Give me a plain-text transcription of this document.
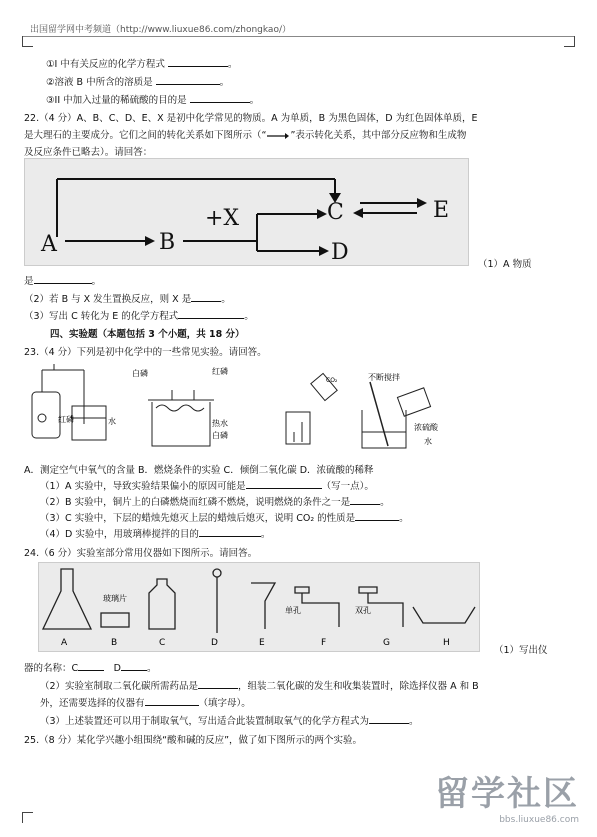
出国留学网中考频道（http://www.liuxue86.com/zhongkao/）
①I 中有关反应的化学方程式	。
②溶液 B 中所含的溶质是	。
③II 中加入过量的稀硫酸的目的是	。
22.（4 分）A、B、C、D、E、X 是初中化学常见的物质。A 为单质，B 为黑色固体，D 为红色固体单质，E
是大理石的主要成分。它们之间的转化关系如下图所示（“	”表示转化关系，其中部分反应物和生成物
及反应条件已略去）。请回答：
A	B
+X	C
D
E
（1）A 物质
是	。
（2）若 B 与 X 发生置换反应，则 X 是	。
（3）写出 C 转化为 E 的化学方程式	。
四、实验题（本题包括 3 个小题，共 18 分）
23.（4 分）下列是初中化学中的一些常见实验。请回答。
红磷	水
白磷	红磷
热水
白磷
CO₂	不断搅拌
浓硫酸
水
A．测定空气中氧气的含量 B．燃烧条件的实验 C．倾倒二氧化碳 D．浓硫酸的稀释
（1）A 实验中，导致实验结果偏小的原因可能是	（写一点）。
（2）B 实验中，铜片上的白磷燃烧而红磷不燃烧，说明燃烧的条件之一是	。
（3）C 实验中，下层的蜡烛先熄灭上层的蜡烛后熄灭，说明 CO₂ 的性质是	。
（4）D 实验中，用玻璃棒搅拌的目的	。
24.（6 分）实验室部分常用仪器如下图所示。请回答。
玻璃片
单孔	双孔
A	B	C	D	E	F	G	H
（1）写出仪
器的名称：C　	D	。
（2）实验室制取二氧化碳所需药品是	，组装二氧化碳的发生和收集装置时，除选择仪器 A 和 B
外，还需要选择的仪器有	（填字母）。
（3）上述装置还可以用于制取氧气，写出适合此装置制取氧气的化学方程式为	。
25.（8 分）某化学兴趣小组围绕“酸和碱的反应”，做了如下图所示的两个实验。
留学社区
bbs.liuxue86.com
